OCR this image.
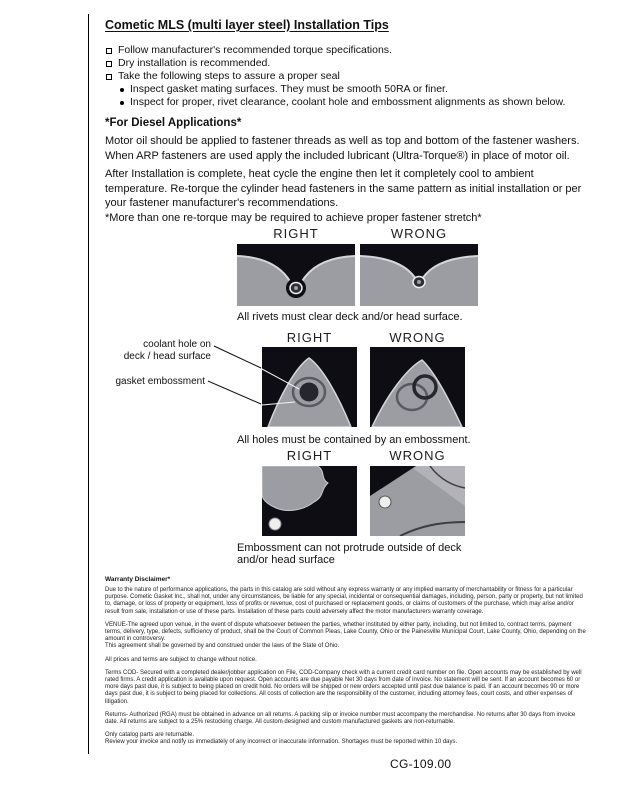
Cometic MLS (multi layer steel) Installation Tips
Follow manufacturer's recommended torque specifications.
Dry installation is recommended.
Take the following steps to assure a proper seal
Inspect gasket mating surfaces. They must be smooth 50RA or finer.
Inspect for proper, rivet clearance, coolant hole and embossment alignments as shown below.
*For Diesel Applications*

Motor oil should be applied to fastener threads as well as top and bottom of the fastener washers. When ARP fasteners are used apply the included lubricant (Ultra-Torque®) in place of motor oil.

After Installation is complete, heat cycle the engine then let it completely cool to ambient temperature. Re-torque the cylinder head fasteners in the same pattern as initial installation or per your fastener manufacturer's recommendations.

*More than one re-torque may be required to achieve proper fastener stretch*

RIGHT	WRONG

All rivets must clear deck and/or head surface.

RIGHT	WRONG
coolant hole on
deck / head surface
gasket embossment

All holes must be contained by an embossment.

RIGHT	WRONG

Embossment can not protrude outside of deck and/or head surface

Warranty Disclaimer*

Due to the nature of performance applications, the parts in this catalog are sold without any express warranty or any implied warranty of merchantability or fitness for a particular purpose. Cometic Gasket Inc., shall not, under any circumstances, be liable for any special, incidental or consequential damages, including, person, party or property, but not limited to, damage, or loss of property or equipment, loss of profits or revenue, cost of purchased or replacement goods, or claims of customers of the purchase, which may arise and/or result from sale, installation or use of these parts. Installation of these parts could adversely affect the motor manufacturers warranty coverage.

VENUE-The agreed upon venue, in the event of dispute whatsoever between the parties, whether instituted by either party, including, but not limited to, contract terms, payment terms, delivery, type, defects, sufficiency of product, shall be the Court of Common Pleas, Lake County, Ohio or the Painesville Municipal Court, Lake County, Ohio, depending on the amount in controversy.

This agreement shall be governed by and construed under the laws of the State of Ohio.

All prices and terms are subject to change without notice.

Terms COD- Secured with a completed dealer/jobber application on File, COD-Company check with a current credit card number on file. Open accounts may be established by well rated firms. A credit application is available upon request. Open accounts are due payable Net 30 days from date of invoice. No statement will be sent. If an account becomes 60 or more days past due, it is subject to being placed on credit hold. No orders will be shipped or new orders accepted until past due balance is paid. If an account becomes 90 or more days past due, it is subject to being placed for collections. All costs of collection are the responsibility of the customer, including attorney fees, court costs, and other expenses of litigation.

Returns- Authorized (RGA) must be obtained in advance on all returns. A packing slip or invoice number must accompany the merchandise. No returns after 30 days from invoice date. All returns are subject to a 25% restocking charge. All custom designed and custom manufactured gaskets are non-returnable.

Only catalog parts are returnable.

Review your invoice and notify us immediately of any incorrect or inaccurate information. Shortages must be reported within 10 days.

CG-109.00
